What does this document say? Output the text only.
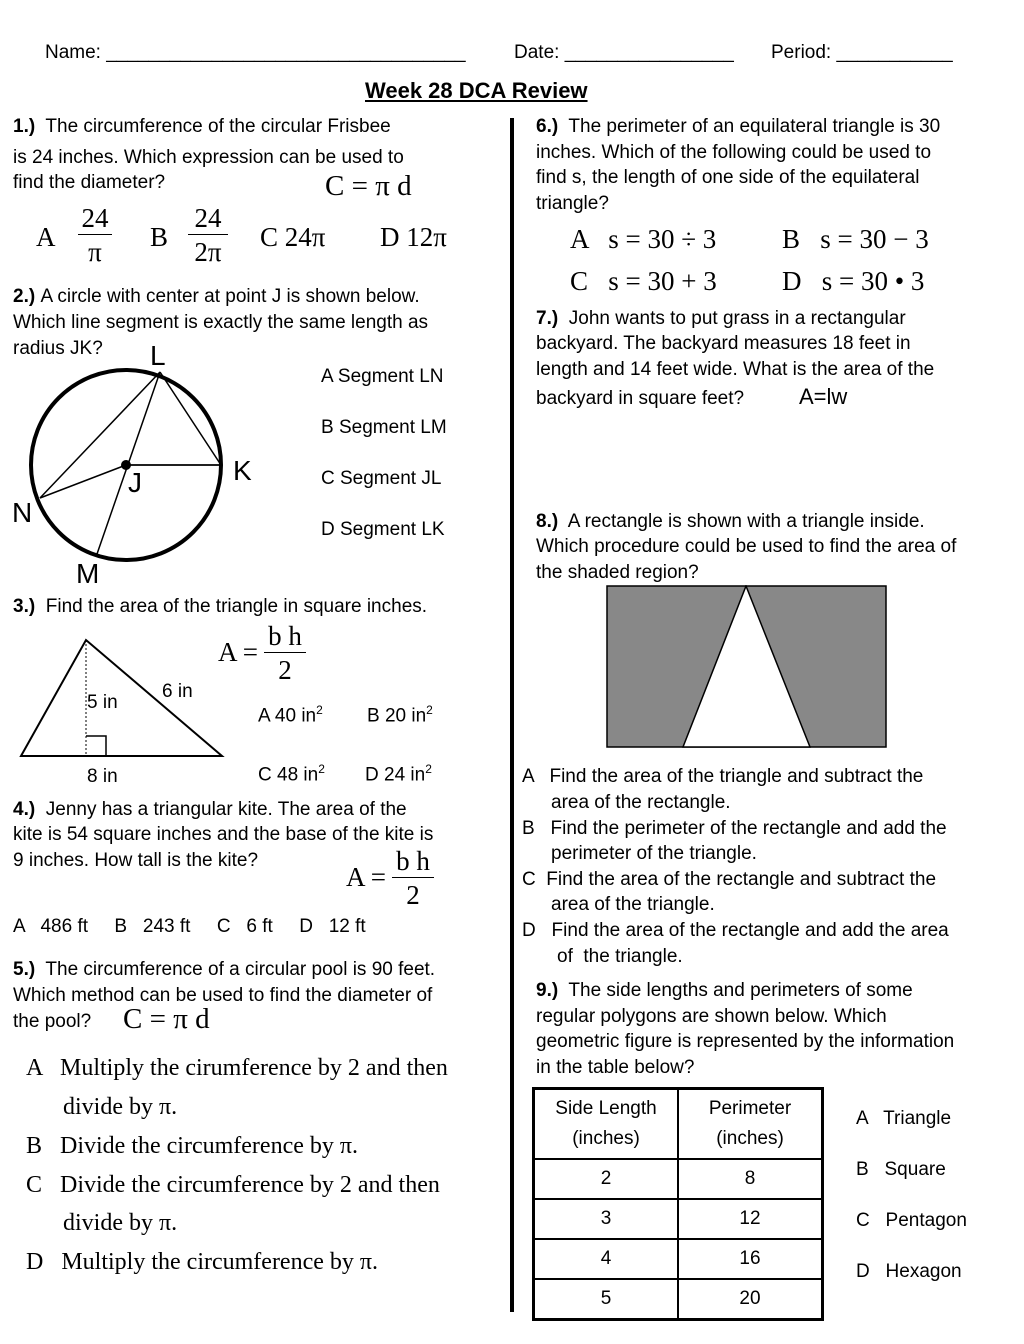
Name: __________________________________	Date: ________________ Period: ___________
Week 28 DCA Review
1.) The circumference of the circular Frisbee
is 24 inches. Which expression can be used to
find the diameter?	C = π d
A $\frac{24}{\pi}$ B $\frac{24}{2\pi}$ C 24π D 12π
2.) A circle with center at point J is shown below.
Which line segment is exactly the same length as
radius JK? L
K
J
N
M
A Segment LN
B Segment LM
C Segment JL
D Segment LK
3.) Find the area of the triangle in square inches.
5 in
6 in
8 in
$A = \frac{\text{b h}}{2}$
A 40 $in^2$ B 20 $in^2$
C 48 $in^2$ D 24 $in^2$
4.) Jenny has a triangular kite. The area of the
kite is 54 square inches and the base of the kite is
9 inches. How tall is the kite?
$A = \frac{\text{b h}}{2}$
A   486 ft     B   243 ft     C   6 ft     D   12 ft
5.) The circumference of a circular pool is 90 feet.
Which method can be used to find the diameter of
the pool? C = π d
A   Multiply the cirumference by 2 and then
divide by π.
B   Divide the circumference by π.
C   Divide the circumference by 2 and then
divide by π.
D   Multiply the circumference by π.
6.) The perimeter of an equilateral triangle is 30
inches. Which of the following could be used to
find s, the length of one side of the equilateral
triangle?
A   s = 30 ÷ 3 B   s = 30 − 3
C   s = 30 + 3 D   s = 30 • 3
7.) John wants to put grass in a rectangular
backyard. The backyard measures 18 feet in
length and 14 feet wide. What is the area of the
backyard in square feet? A=lw
8.) A rectangle is shown with a triangle inside.
Which procedure could be used to find the area of
the shaded region?
A   Find the area of the triangle and subtract the
area of the rectangle.
B   Find the perimeter of the rectangle and add the
perimeter of the triangle.
C  Find the area of the rectangle and subtract the
area of the triangle.
D   Find the area of the rectangle and add the area
of  the triangle.
9.) The side lengths and perimeters of some
regular polygons are shown below. Which
geometric figure is represented by the information
in the table below?
Side Length
(inches)	Perimeter
(inches)
2	8
3	12
4	16
5	20
A   Triangle
B   Square
C   Pentagon
D   Hexagon
